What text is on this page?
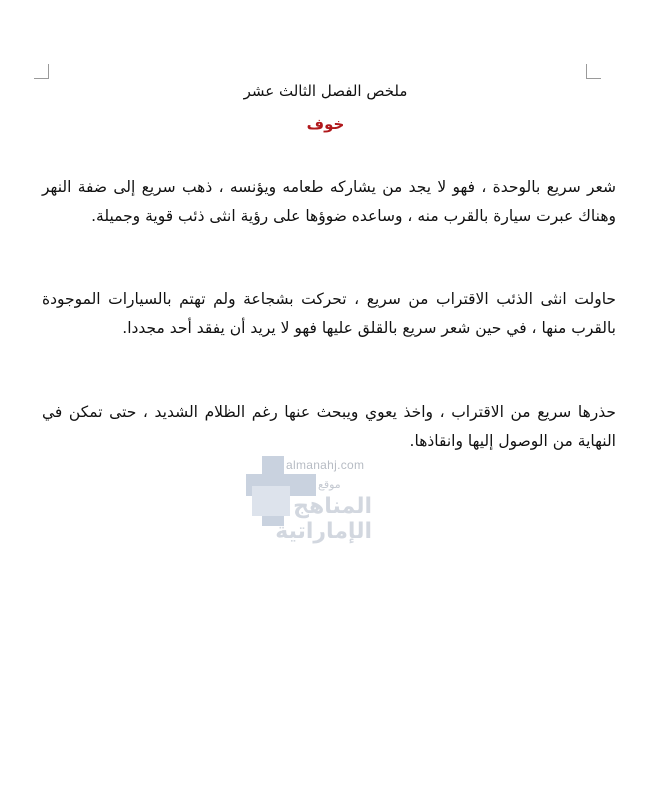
ملخص الفصل الثالث عشر
خوف

شعر سريع بالوحدة ، فهو لا يجد من يشاركه طعامه ويؤنسه ، ذهب سريع إلى ضفة النهر وهناك عبرت سيارة بالقرب منه ، وساعده ضوؤها على رؤية انثى ذئب قوية وجميلة.

حاولت انثى الذئب الاقتراب من سريع ، تحركت بشجاعة ولم تهتم بالسيارات الموجودة بالقرب منها ، في حين شعر سريع بالقلق عليها فهو لا يريد أن يفقد أحد مجددا.

حذرها سريع من الاقتراب ، واخذ يعوي ويبحث عنها رغم الظلام الشديد ، حتى تمكن في النهاية من الوصول إليها وانقاذها.

almanahj.com
موقع
المناهج الإماراتية
